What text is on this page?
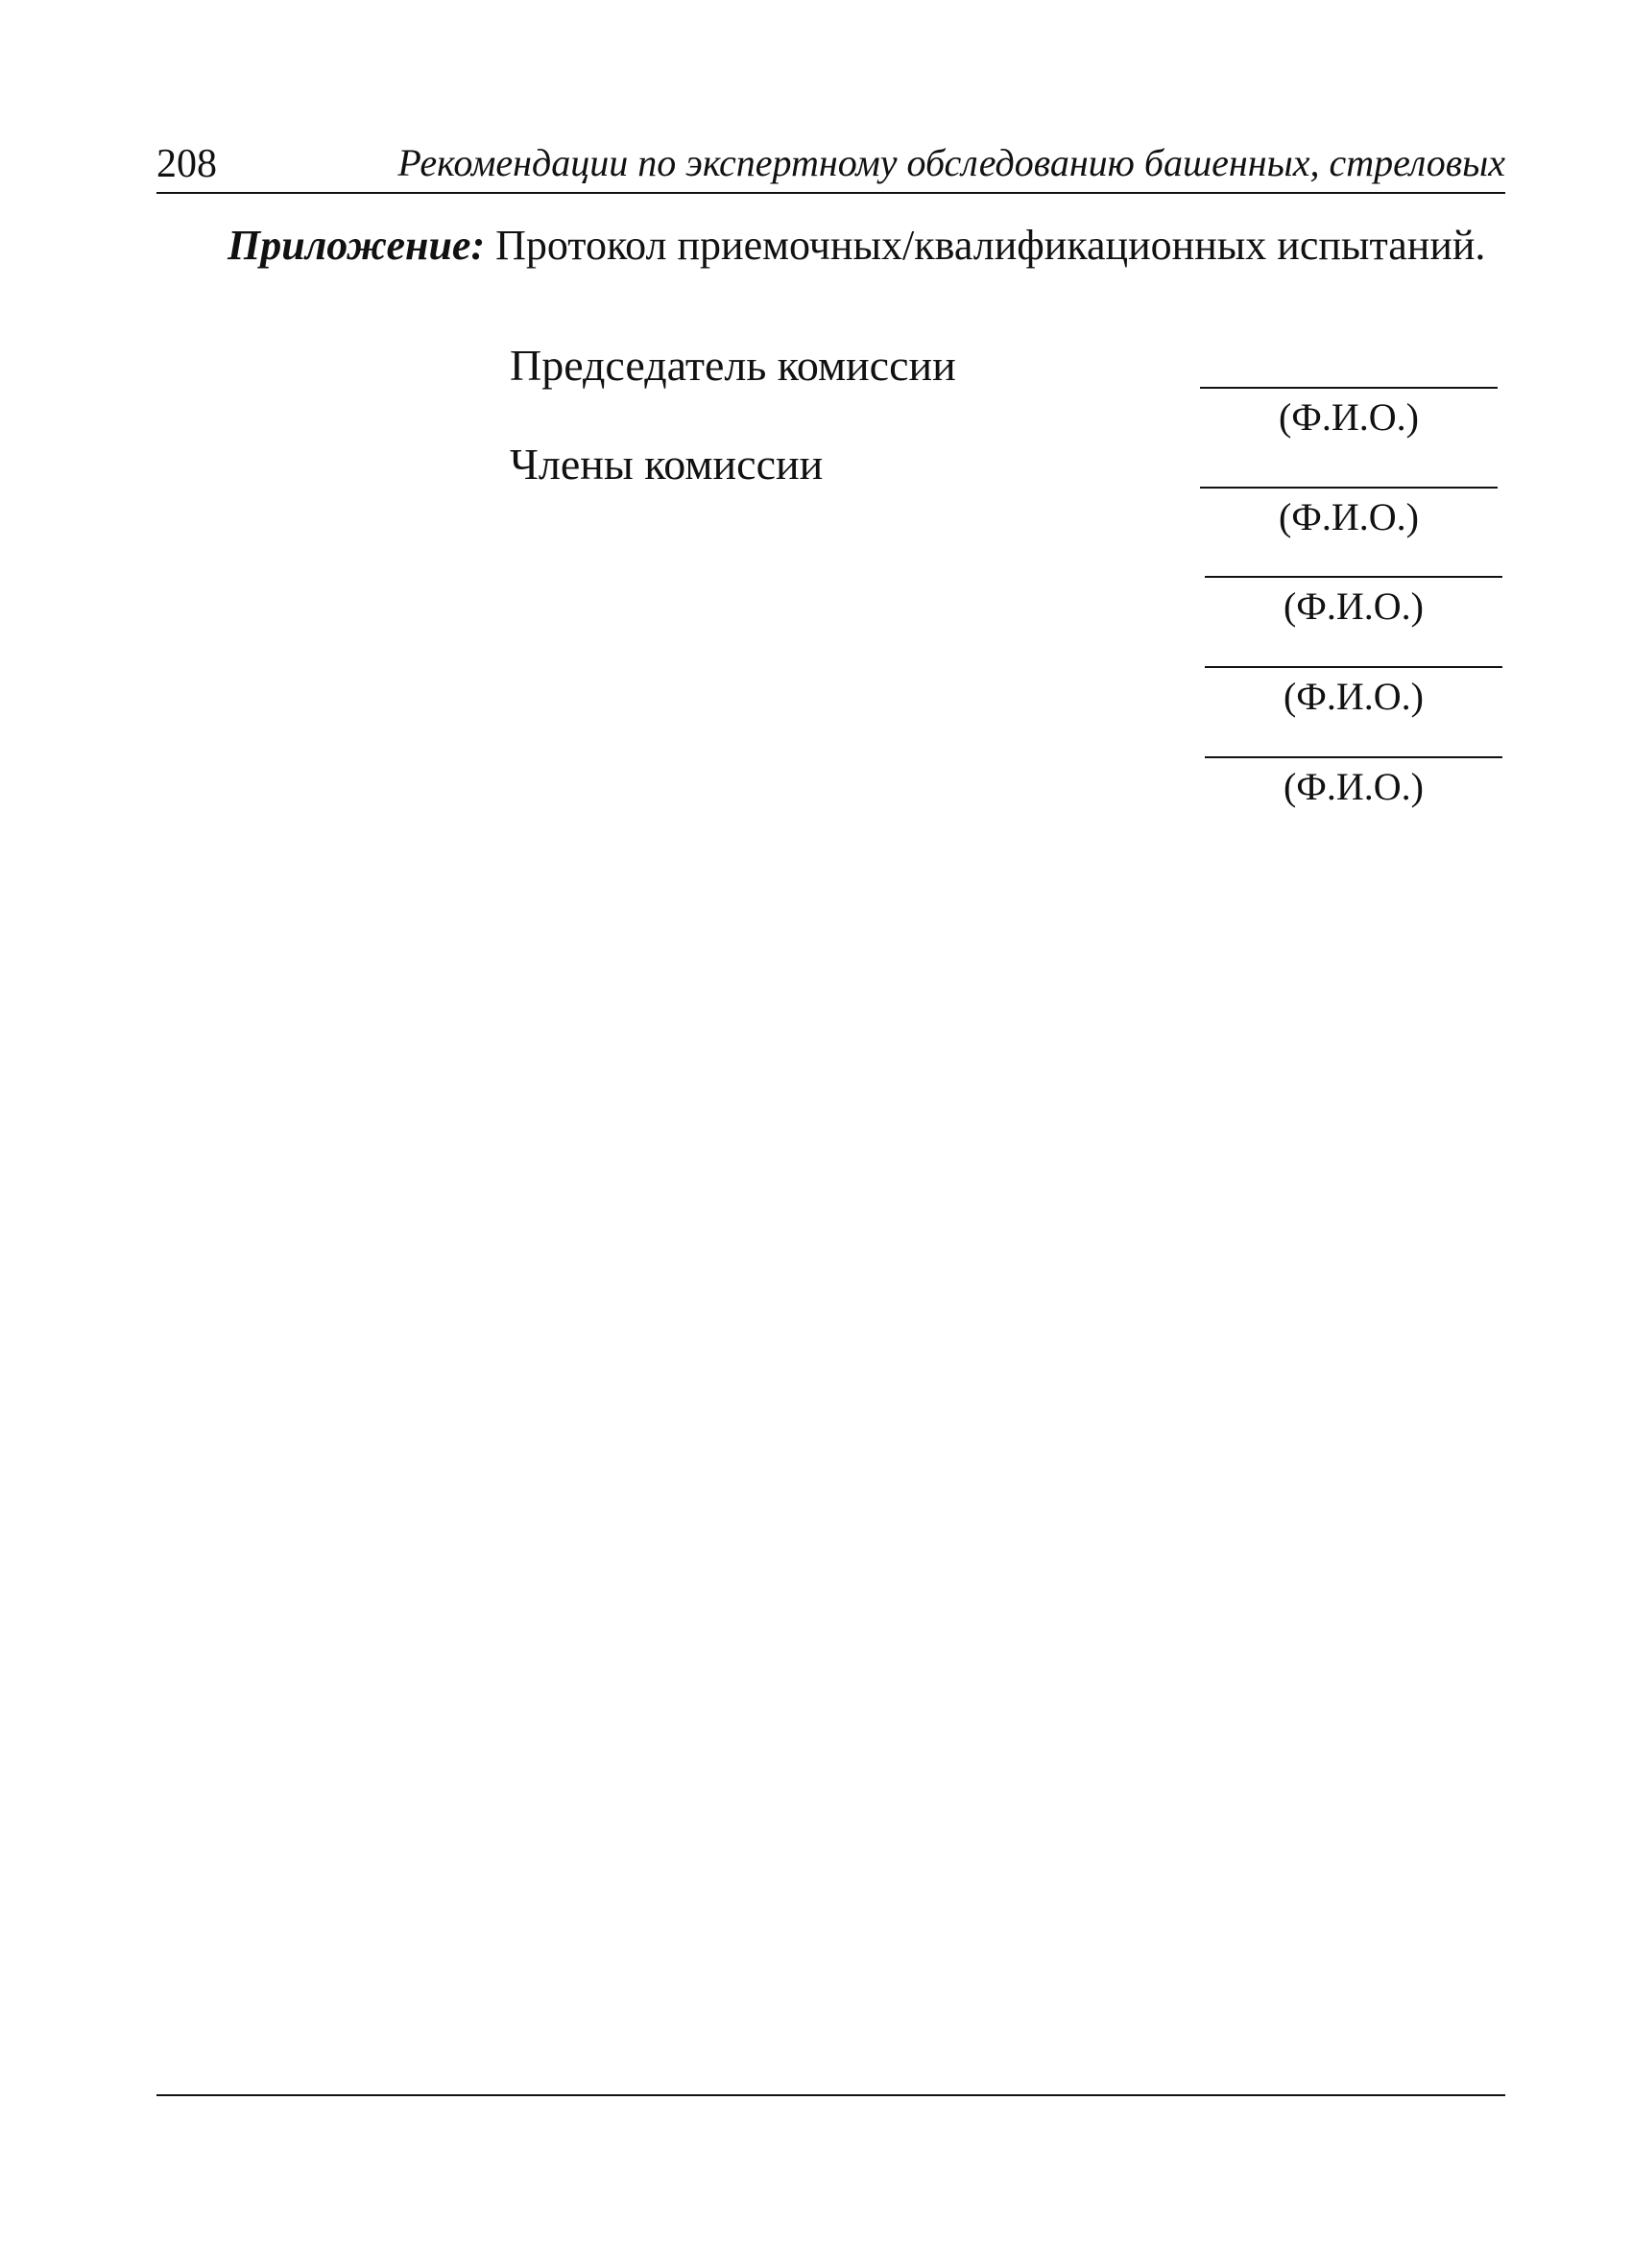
208	Рекомендации по экспертному обследованию башенных, стреловых
Приложение: Протокол приемочных/квалификационных испытаний.
Председатель комиссии
Члены комиссии
(Ф.И.О.)
(Ф.И.О.)
(Ф.И.О.)
(Ф.И.О.)
(Ф.И.О.)
